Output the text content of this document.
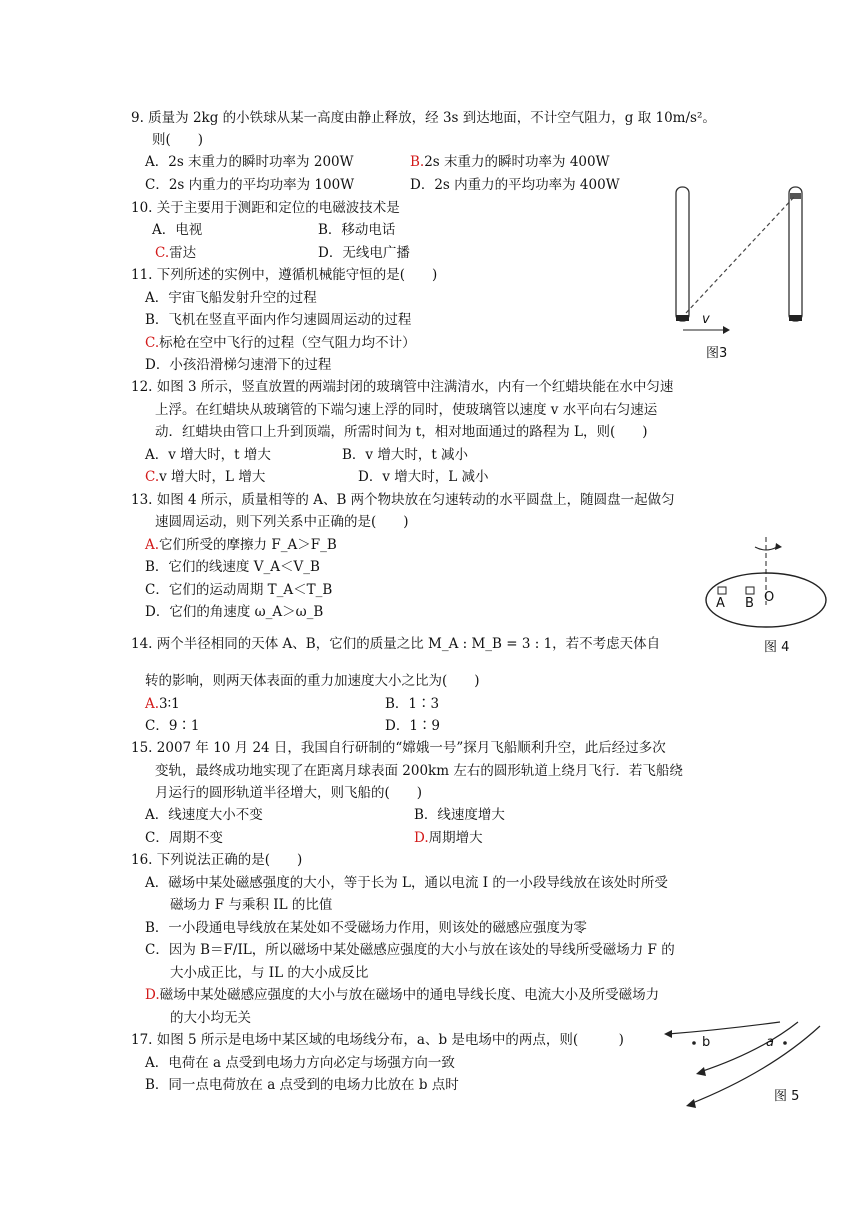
9. 质量为 2kg 的小铁球从某一高度由静止释放，经 3s 到达地面，不计空气阻力，g 取 10m/s²。
则(　　)
A．2s 末重力的瞬时功率为 200W	B.2s 末重力的瞬时功率为 400W
C．2s 内重力的平均功率为 100W	D．2s 内重力的平均功率为 400W
10. 关于主要用于测距和定位的电磁波技术是
A．电视	B．移动电话
C.雷达	D．无线电广播
11. 下列所述的实例中，遵循机械能守恒的是(　　)
A．宇宙飞船发射升空的过程
B．飞机在竖直平面内作匀速圆周运动的过程
C.标枪在空中飞行的过程（空气阻力均不计）
D．小孩沿滑梯匀速滑下的过程
12. 如图 3 所示，竖直放置的两端封闭的玻璃管中注满清水，内有一个红蜡块能在水中匀速
上浮。在红蜡块从玻璃管的下端匀速上浮的同时，使玻璃管以速度 v 水平向右匀速运
动．红蜡块由管口上升到顶端，所需时间为 t，相对地面通过的路程为 L，则(　　)
A．v 增大时，t 增大	B．v 增大时，t 减小
C.v 增大时，L 增大	D．v 增大时，L 减小
13. 如图 4 所示，质量相等的 A、B 两个物块放在匀速转动的水平圆盘上，随圆盘一起做匀
速圆周运动，则下列关系中正确的是(　　)
A.它们所受的摩擦力 F_A＞F_B
B．它们的线速度 V_A＜V_B
C．它们的运动周期 T_A＜T_B
D．它们的角速度 ω_A＞ω_B
14. 两个半径相同的天体 A、B，它们的质量之比 M_A : M_B = 3 : 1，若不考虑天体自
转的影响，则两天体表面的重力加速度大小之比为(　　)
A.3∶1	B．1∶3
C．9∶1	D．1∶9
15. 2007 年 10 月 24 日，我国自行研制的“嫦娥一号”探月飞船顺利升空，此后经过多次
变轨，最终成功地实现了在距离月球表面 200km 左右的圆形轨道上绕月飞行．若飞船绕
月运行的圆形轨道半径增大，则飞船的(　　)
A．线速度大小不变	B．线速度增大
C．周期不变	D.周期增大
16. 下列说法正确的是(　　)
A．磁场中某处磁感强度的大小，等于长为 L，通以电流 I 的一小段导线放在该处时所受
磁场力 F 与乘积 IL 的比值
B．一小段通电导线放在某处如不受磁场力作用，则该处的磁感应强度为零
C．因为 B＝F/IL，所以磁场中某处磁感应强度的大小与放在该处的导线所受磁场力 F 的
大小成正比，与 IL 的大小成反比
D.磁场中某处磁感应强度的大小与放在磁场中的通电导线长度、电流大小及所受磁场力
的大小均无关
17. 如图 5 所示是电场中某区域的电场线分布，a、b 是电场中的两点，则(　　　)
A．电荷在 a 点受到电场力方向必定与场强方向一致
B．同一点电荷放在 a 点受到的电场力比放在 b 点时
v
图3
A B O
图 4
b	a
图 5
